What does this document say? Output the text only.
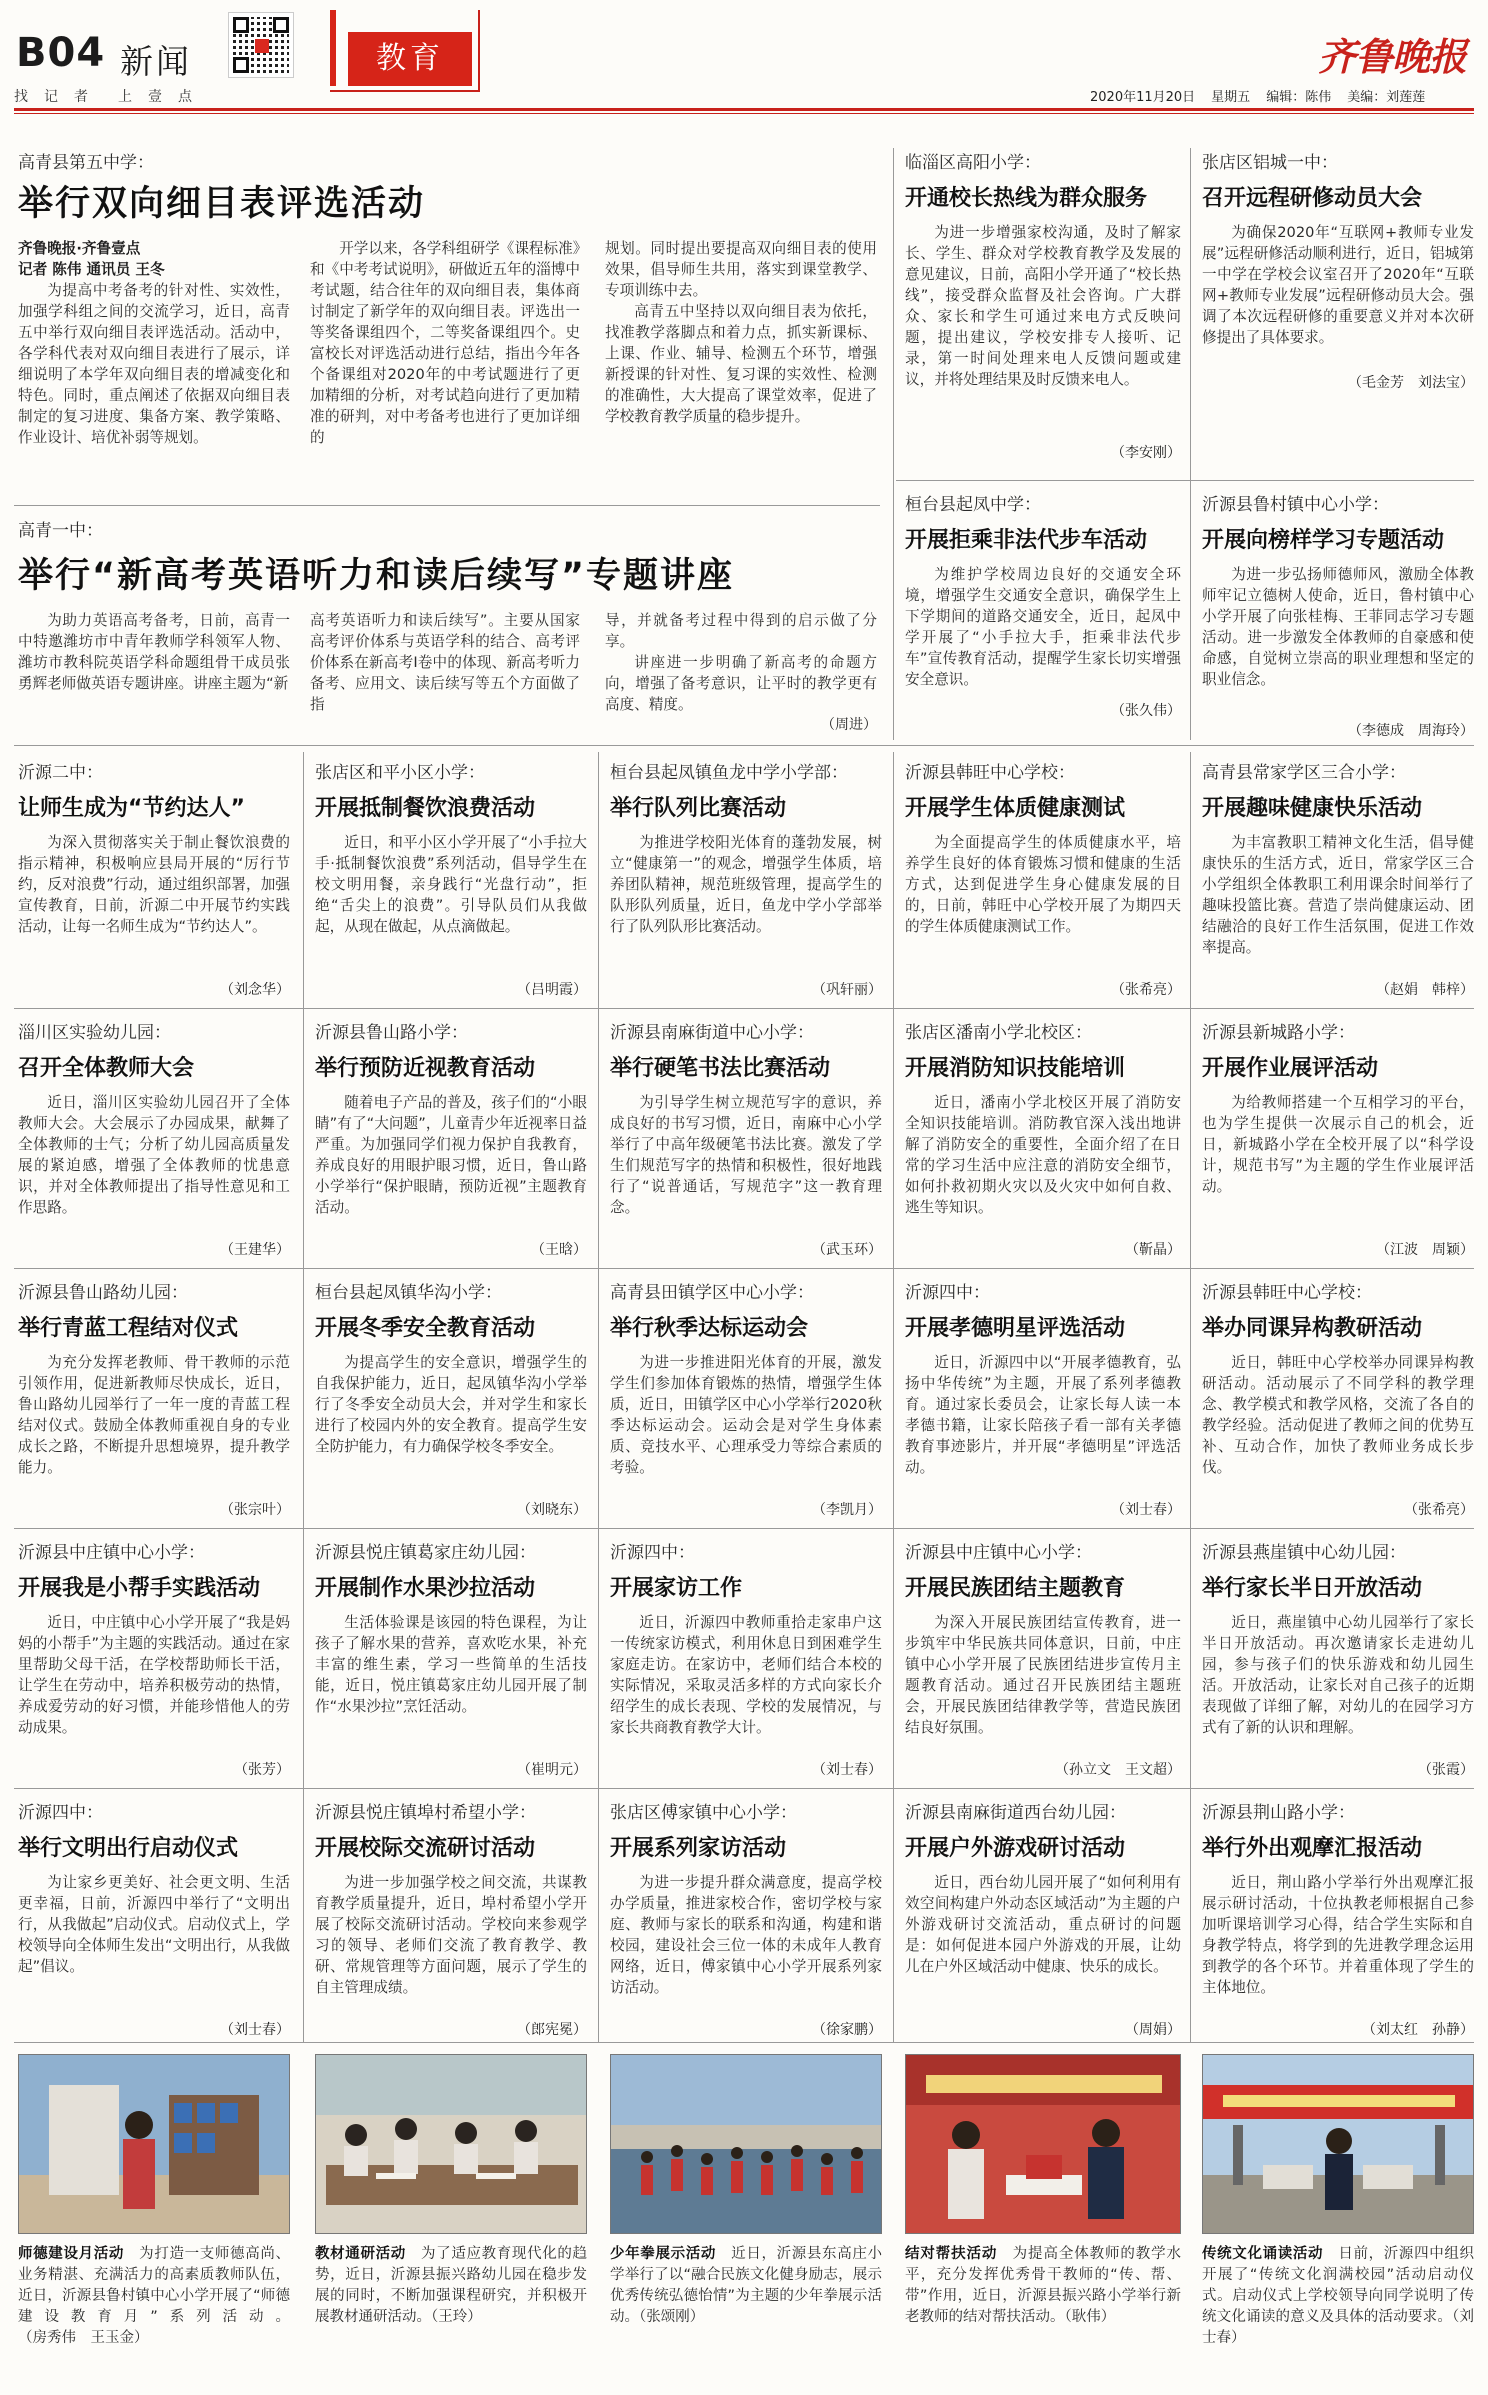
B04 新闻
找记者 上壹点
教育	齐鲁晚报
2020年11月20日 星期五 编辑：陈伟 美编：刘莲莲
高青县第五中学：
举行双向细目表评选活动
齐鲁晚报·齐鲁壹点
记者 陈伟 通讯员 王冬

为提高中考备考的针对性、实效性，加强学科组之间的交流学习，近日，高青五中举行双向细目表评选活动。活动中，各学科代表对双向细目表进行了展示，详细说明了本学年双向细目表的增减变化和特色。同时，重点阐述了依据双向细目表制定的复习进度、集备方案、教学策略、作业设计、培优补弱等规划。

开学以来，各学科组研学《课程标准》和《中考考试说明》，研做近五年的淄博中考试题，结合往年的双向细目表，集体商讨制定了新学年的双向细目表。评选出一等奖备课组四个，二等奖备课组四个。史富校长对评选活动进行总结，指出今年各个备课组对2020年的中考试题进行了更加精细的分析，对考试趋向进行了更加精准的研判，对中考备考也进行了更加详细的

规划。同时提出要提高双向细目表的使用效果，倡导师生共用，落实到课堂教学、专项训练中去。

高青五中坚持以双向细目表为依托，找准教学落脚点和着力点，抓实新课标、上课、作业、辅导、检测五个环节，增强新授课的针对性、复习课的实效性、检测的准确性，大大提高了课堂效率，促进了学校教育教学质量的稳步提升。

高青一中：
举行“新高考英语听力和读后续写”专题讲座

为助力英语高考备考，日前，高青一中特邀潍坊市中青年教师学科领军人物、潍坊市教科院英语学科命题组骨干成员张勇辉老师做英语专题讲座。讲座主题为“新

高考英语听力和读后续写”。主要从国家高考评价体系与英语学科的结合、高考评价体系在新高考I卷中的体现、新高考听力备考、应用文、读后续写等五个方面做了指

导，并就备考过程中得到的启示做了分享。

讲座进一步明确了新高考的命题方向，增强了备考意识，让平时的教学更有高度、精度。

（周进）
临淄区高阳小学：
开通校长热线为群众服务

为进一步增强家校沟通，及时了解家长、学生、群众对学校教育教学及发展的意见建议，日前，高阳小学开通了“校长热线”，接受群众监督及社会咨询。广大群众、家长和学生可通过来电方式反映问题，提出建议，学校安排专人接听、记录，第一时间处理来电人反馈问题或建议，并将处理结果及时反馈来电人。

（李安刚）
张店区铝城一中：
召开远程研修动员大会

为确保2020年“互联网+教师专业发展”远程研修活动顺利进行，近日，铝城第一中学在学校会议室召开了2020年“互联网+教师专业发展”远程研修动员大会。强调了本次远程研修的重要意义并对本次研修提出了具体要求。

（毛金芳　刘法宝）
桓台县起凤中学：
开展拒乘非法代步车活动

为维护学校周边良好的交通安全环境，增强学生交通安全意识，确保学生上下学期间的道路交通安全，近日，起凤中学开展了“小手拉大手，拒乘非法代步车”宣传教育活动，提醒学生家长切实增强安全意识。

（张久伟）
沂源县鲁村镇中心小学：
开展向榜样学习专题活动

为进一步弘扬师德师风，激励全体教师牢记立德树人使命，近日，鲁村镇中心小学开展了向张桂梅、王菲同志学习专题活动。进一步激发全体教师的自豪感和使命感，自觉树立崇高的职业理想和坚定的职业信念。

（李德成　周海玲）
沂源二中：
让师生成为“节约达人”

为深入贯彻落实关于制止餐饮浪费的指示精神，积极响应县局开展的“厉行节约，反对浪费”行动，通过组织部署，加强宣传教育，日前，沂源二中开展节约实践活动，让每一名师生成为“节约达人”。

（刘念华）
张店区和平小区小学：
开展抵制餐饮浪费活动

近日，和平小区小学开展了“小手拉大手·抵制餐饮浪费”系列活动，倡导学生在校文明用餐，亲身践行“光盘行动”，拒绝“舌尖上的浪费”。引导队员们从我做起，从现在做起，从点滴做起。

（吕明霞）
桓台县起凤镇鱼龙中学小学部：
举行队列比赛活动

为推进学校阳光体育的蓬勃发展，树立“健康第一”的观念，增强学生体质，培养团队精神，规范班级管理，提高学生的队形队列质量，近日，鱼龙中学小学部举行了队列队形比赛活动。

（巩轩丽）
沂源县韩旺中心学校：
开展学生体质健康测试

为全面提高学生的体质健康水平，培养学生良好的体育锻炼习惯和健康的生活方式，达到促进学生身心健康发展的目的，日前，韩旺中心学校开展了为期四天的学生体质健康测试工作。

（张希亮）
高青县常家学区三合小学：
开展趣味健康快乐活动

为丰富教职工精神文化生活，倡导健康快乐的生活方式，近日，常家学区三合小学组织全体教职工利用课余时间举行了趣味投篮比赛。营造了崇尚健康运动、团结融洽的良好工作生活氛围，促进工作效率提高。

（赵娟　韩梓）
淄川区实验幼儿园：
召开全体教师大会

近日，淄川区实验幼儿园召开了全体教师大会。大会展示了办园成果，献舞了全体教师的士气；分析了幼儿园高质量发展的紧迫感，增强了全体教师的忧患意识，并对全体教师提出了指导性意见和工作思路。

（王建华）
沂源县鲁山路小学：
举行预防近视教育活动

随着电子产品的普及，孩子们的“小眼睛”有了“大问题”，儿童青少年近视率日益严重。为加强同学们视力保护自我教育，养成良好的用眼护眼习惯，近日，鲁山路小学举行“保护眼睛，预防近视”主题教育活动。

（王晗）
沂源县南麻街道中心小学：
举行硬笔书法比赛活动

为引导学生树立规范写字的意识，养成良好的书写习惯，近日，南麻中心小学举行了中高年级硬笔书法比赛。激发了学生们规范写字的热情和积极性，很好地践行了“说普通话，写规范字”这一教育理念。

（武玉环）
张店区潘南小学北校区：
开展消防知识技能培训

近日，潘南小学北校区开展了消防安全知识技能培训。消防教官深入浅出地讲解了消防安全的重要性，全面介绍了在日常的学习生活中应注意的消防安全细节，如何扑救初期火灾以及火灾中如何自救、逃生等知识。

（靳晶）
沂源县新城路小学：
开展作业展评活动

为给教师搭建一个互相学习的平台，也为学生提供一次展示自己的机会，近日，新城路小学在全校开展了以“科学设计，规范书写”为主题的学生作业展评活动。

（江波　周颖）
沂源县鲁山路幼儿园：
举行青蓝工程结对仪式

为充分发挥老教师、骨干教师的示范引领作用，促进新教师尽快成长，近日，鲁山路幼儿园举行了一年一度的青蓝工程结对仪式。鼓励全体教师重视自身的专业成长之路，不断提升思想境界，提升教学能力。

（张宗叶）
桓台县起凤镇华沟小学：
开展冬季安全教育活动

为提高学生的安全意识，增强学生的自我保护能力，近日，起凤镇华沟小学举行了冬季安全动员大会，并对学生和家长进行了校园内外的安全教育。提高学生安全防护能力，有力确保学校冬季安全。

（刘晓东）
高青县田镇学区中心小学：
举行秋季达标运动会

为进一步推进阳光体育的开展，激发学生们参加体育锻炼的热情，增强学生体质，近日，田镇学区中心小学举行2020秋季达标运动会。运动会是对学生身体素质、竞技水平、心理承受力等综合素质的考验。

（李凯月）
沂源四中：
开展孝德明星评选活动

近日，沂源四中以“开展孝德教育，弘扬中华传统”为主题，开展了系列孝德教育。通过家长委员会，让家长每人读一本孝德书籍，让家长陪孩子看一部有关孝德教育事迹影片，并开展“孝德明星”评选活动。

（刘士春）
沂源县韩旺中心学校：
举办同课异构教研活动

近日，韩旺中心学校举办同课异构教研活动。活动展示了不同学科的教学理念、教学模式和教学风格，交流了各自的教学经验。活动促进了教师之间的优势互补、互动合作，加快了教师业务成长步伐。

（张希亮）
沂源县中庄镇中心小学：
开展我是小帮手实践活动

近日，中庄镇中心小学开展了“我是妈妈的小帮手”为主题的实践活动。通过在家里帮助父母干活，在学校帮助师长干活，让学生在劳动中，培养积极劳动的热情，养成爱劳动的好习惯，并能珍惜他人的劳动成果。

（张芳）
沂源县悦庄镇葛家庄幼儿园：
开展制作水果沙拉活动

生活体验课是该园的特色课程，为让孩子了解水果的营养，喜欢吃水果，补充丰富的维生素，学习一些简单的生活技能，近日，悦庄镇葛家庄幼儿园开展了制作“水果沙拉”烹饪活动。

（崔明元）
沂源四中：
开展家访工作

近日，沂源四中教师重拾走家串户这一传统家访模式，利用休息日到困难学生家庭走访。在家访中，老师们结合本校的实际情况，采取灵活多样的方式向家长介绍学生的成长表现、学校的发展情况，与家长共商教育教学大计。

（刘士春）
沂源县中庄镇中心小学：
开展民族团结主题教育

为深入开展民族团结宣传教育，进一步筑牢中华民族共同体意识，日前，中庄镇中心小学开展了民族团结进步宣传月主题教育活动。通过召开民族团结主题班会，开展民族团结律教学等，营造民族团结良好氛围。

（孙立文　王文超）
沂源县燕崖镇中心幼儿园：
举行家长半日开放活动

近日，燕崖镇中心幼儿园举行了家长半日开放活动。再次邀请家长走进幼儿园，参与孩子们的快乐游戏和幼儿园生活。开放活动，让家长对自己孩子的近期表现做了详细了解，对幼儿的在园学习方式有了新的认识和理解。

（张霞）
沂源四中：
举行文明出行启动仪式

为让家乡更美好、社会更文明、生活更幸福，日前，沂源四中举行了“文明出行，从我做起”启动仪式。启动仪式上，学校领导向全体师生发出“文明出行，从我做起”倡议。

（刘士春）
沂源县悦庄镇埠村希望小学：
开展校际交流研讨活动

为进一步加强学校之间交流，共谋教育教学质量提升，近日，埠村希望小学开展了校际交流研讨活动。学校向来参观学习的领导、老师们交流了教育教学、教研、常规管理等方面问题，展示了学生的自主管理成绩。

（郎宪冕）
张店区傅家镇中心小学：
开展系列家访活动

为进一步提升群众满意度，提高学校办学质量，推进家校合作，密切学校与家庭、教师与家长的联系和沟通，构建和谐校园，建设社会三位一体的未成年人教育网络，近日，傅家镇中心小学开展系列家访活动。

（徐家鹏）
沂源县南麻街道西台幼儿园：
开展户外游戏研讨活动

近日，西台幼儿园开展了“如何利用有效空间构建户外动态区域活动”为主题的户外游戏研讨交流活动，重点研讨的问题是：如何促进本园户外游戏的开展，让幼儿在户外区域活动中健康、快乐的成长。

（周娟）
沂源县荆山路小学：
举行外出观摩汇报活动

近日，荆山路小学举行外出观摩汇报展示研讨活动，十位执教老师根据自己参加听课培训学习心得，结合学生实际和自身教学特点，将学到的先进教学理念运用到教学的各个环节。并着重体现了学生的主体地位。

（刘太红　孙静）
师德建设月活动　为打造一支师德高尚、业务精湛、充满活力的高素质教师队伍，近日，沂源县鲁村镇中心小学开展了“师德建设教育月”系列活动。（房秀伟　王玉金）
教材通研活动　为了适应教育现代化的趋势，近日，沂源县振兴路幼儿园在稳步发展的同时，不断加强课程研究，并积极开展教材通研活动。（王玲）
少年拳展示活动　近日，沂源县东高庄小学举行了以“融合民族文化健身励志，展示优秀传统弘德怡情”为主题的少年拳展示活动。（张颂刚）
结对帮扶活动　为提高全体教师的教学水平，充分发挥优秀骨干教师的“传、帮、带”作用，近日，沂源县振兴路小学举行新老教师的结对帮扶活动。（耿伟）
传统文化诵读活动　日前，沂源四中组织开展了“传统文化润满校园”活动启动仪式。启动仪式上学校领导向同学说明了传统文化诵读的意义及具体的活动要求。（刘士春）
